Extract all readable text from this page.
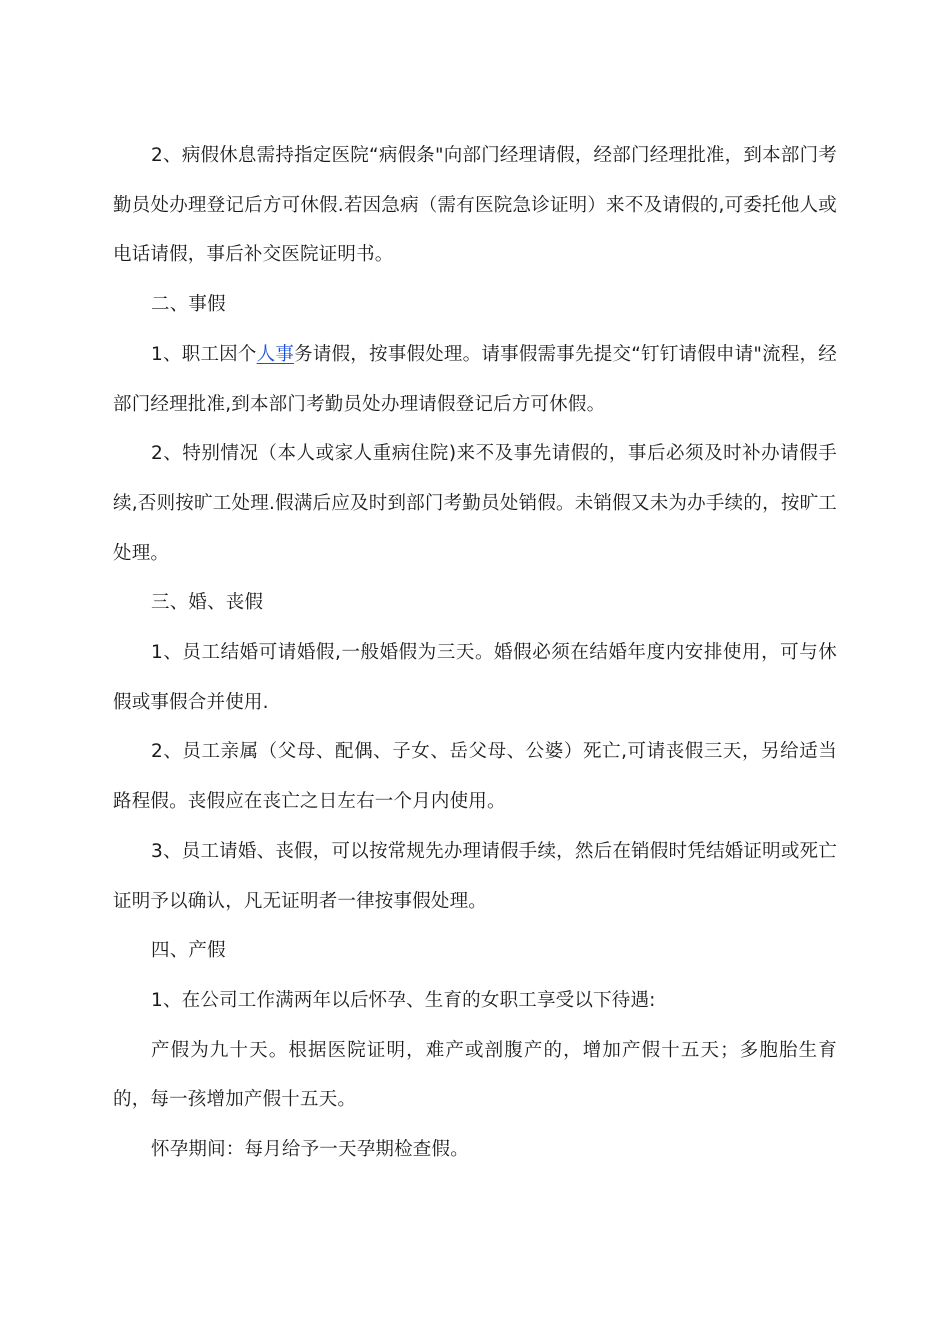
2、病假休息需持指定医院“病假条"向部门经理请假，经部门经理批准，到本部门考勤员处办理登记后方可休假.若因急病（需有医院急诊证明）来不及请假的,可委托他人或电话请假，事后补交医院证明书。

二、事假

1、职工因个人事务请假，按事假处理。请事假需事先提交“钉钉请假申请"流程，经部门经理批准,到本部门考勤员处办理请假登记后方可休假。

2、特别情况（本人或家人重病住院)来不及事先请假的，事后必须及时补办请假手续,否则按旷工处理.假满后应及时到部门考勤员处销假。未销假又未为办手续的，按旷工处理。

三、婚、丧假

1、员工结婚可请婚假,一般婚假为三天。婚假必须在结婚年度内安排使用，可与休假或事假合并使用.

2、员工亲属（父母、配偶、子女、岳父母、公婆）死亡,可请丧假三天，另给适当路程假。丧假应在丧亡之日左右一个月内使用。

3、员工请婚、丧假，可以按常规先办理请假手续，然后在销假时凭结婚证明或死亡证明予以确认，凡无证明者一律按事假处理。

四、产假

1、在公司工作满两年以后怀孕、生育的女职工享受以下待遇:

产假为九十天。根据医院证明，难产或剖腹产的，增加产假十五天；多胞胎生育的，每一孩增加产假十五天。

怀孕期间：每月给予一天孕期检查假。
